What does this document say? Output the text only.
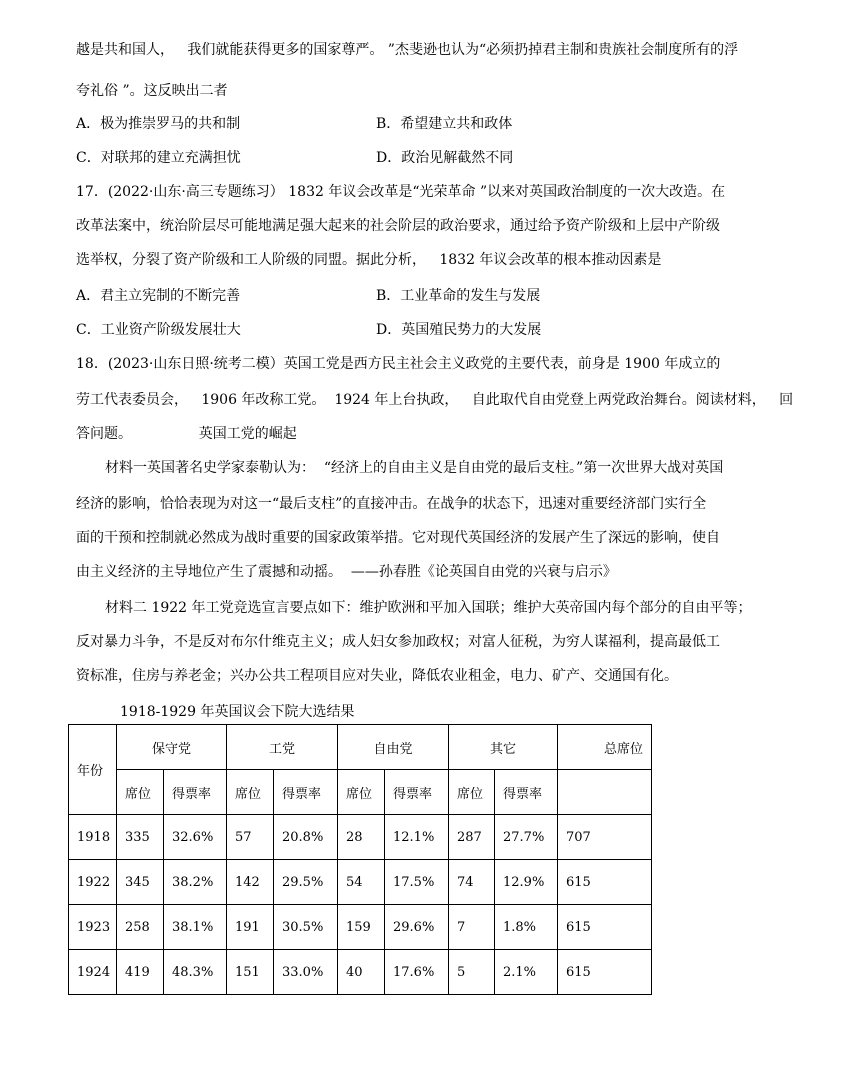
越是共和国人，   我们就能获得更多的国家尊严。 ”杰斐逊也认为“必须扔掉君主制和贵族社会制度所有的浮
夸礼俗 ”。这反映出二者
A．极为推崇罗马的共和制	B．希望建立共和政体
C．对联邦的建立充满担忧	D．政治见解截然不同
17．(2022·山东·高三专题练习） 1832 年议会改革是“光荣革命 ”以来对英国政治制度的一次大改造。在
改革法案中，统治阶层尽可能地满足强大起来的社会阶层的政治要求，通过给予资产阶级和上层中产阶级
选举权，分裂了资产阶级和工人阶级的同盟。据此分析，   1832 年议会改革的根本推动因素是
A．君主立宪制的不断完善	B．工业革命的发生与发展
C．工业资产阶级发展壮大	D．英国殖民势力的大发展
18．(2023·山东日照·统考二模）英国工党是西方民主社会主义政党的主要代表，前身是 1900 年成立的
劳工代表委员会，   1906 年改称工党。  1924 年上台执政，   自此取代自由党登上两党政治舞台。阅读材料，   回
答问题。               英国工党的崛起
材料一英国著名史学家泰勒认为：  “经济上的自由主义是自由党的最后支柱。”第一次世界大战对英国
经济的影响，恰恰表现为对这一“最后支柱”的直接冲击。在战争的状态下，迅速对重要经济部门实行全
面的干预和控制就必然成为战时重要的国家政策举措。它对现代英国经济的发展产生了深远的影响，使自
由主义经济的主导地位产生了震撼和动摇。  ——孙春胜《论英国自由党的兴衰与启示》
材料二 1922 年工党竞选宣言要点如下：维护欧洲和平加入国联；维护大英帝国内每个部分的自由平等；
反对暴力斗争，不是反对布尔什维克主义；成人妇女参加政权；对富人征税，为穷人谋福利，提高最低工
资标准，住房与养老金；兴办公共工程项目应对失业，降低农业租金，电力、矿产、交通国有化。
1918-1929 年英国议会下院大选结果
年份	保守党		工党		自由党		其它		总席位
	席位	得票率	席位	得票率	席位	得票率	席位	得票率	
1918	335	32.6%	57	20.8%	28	12.1%	287	27.7%	707
1922	345	38.2%	142	29.5%	54	17.5%	74	12.9%	615
1923	258	38.1%	191	30.5%	159	29.6%	7	1.8%	615
1924	419	48.3%	151	33.0%	40	17.6%	5	2.1%	615
